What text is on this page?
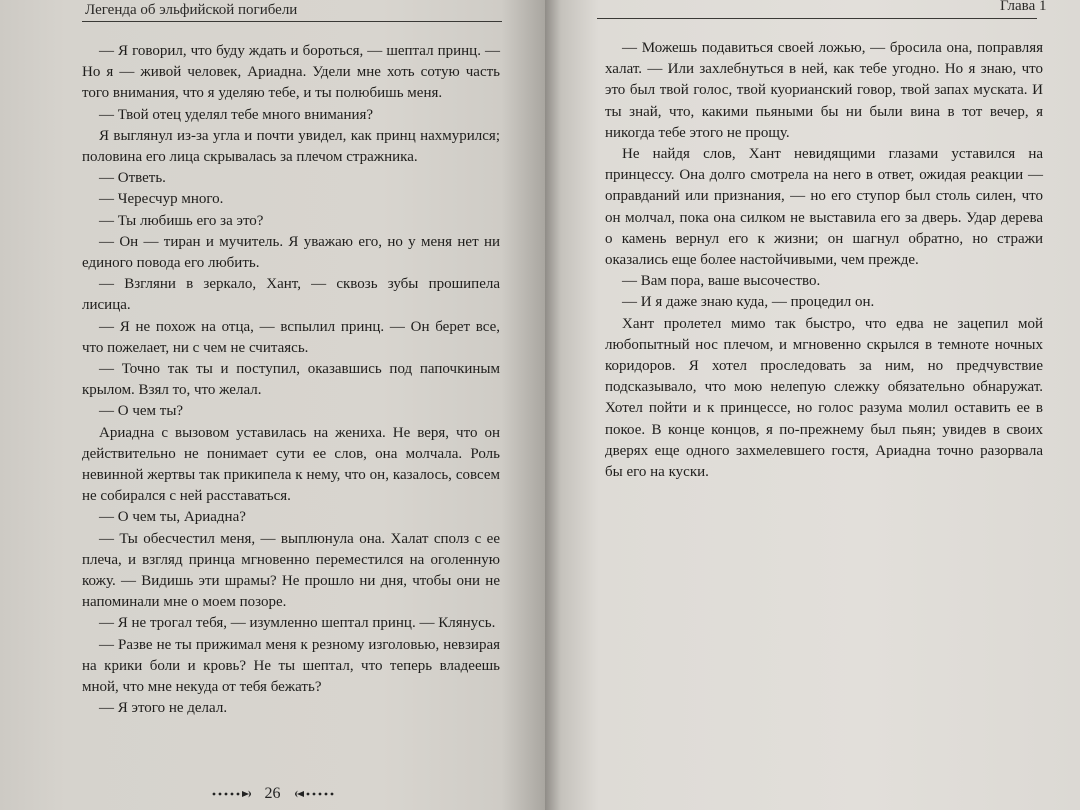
Легенда об эльфийской погибели

— Я говорил, что буду ждать и бороться, — шептал принц. — Но я — живой человек, Ариадна. Удели мне хоть сотую часть того внимания, что я уделяю тебе, и ты полюбишь меня.

— Твой отец уделял тебе много внимания?

Я выглянул из-за угла и почти увидел, как принц нахмурился; половина его лица скрывалась за плечом стражника.

— Ответь.

— Чересчур много.

— Ты любишь его за это?

— Он — тиран и мучитель. Я уважаю его, но у меня нет ни единого повода его любить.

— Взгляни в зеркало, Хант, — сквозь зубы прошипела лисица.

— Я не похож на отца, — вспылил принц. — Он берет все, что пожелает, ни с чем не считаясь.

— Точно так ты и поступил, оказавшись под папочкиным крылом. Взял то, что желал.

— О чем ты?

Ариадна с вызовом уставилась на жениха. Не веря, что он действительно не понимает сути ее слов, она молчала. Роль невинной жертвы так прикипела к нему, что он, казалось, совсем не собирался с ней расставаться.

— О чем ты, Ариадна?

— Ты обесчестил меня, — выплюнула она. Халат сполз с ее плеча, и взгляд принца мгновенно переместился на оголенную кожу. — Видишь эти шрамы? Не прошло ни дня, чтобы они не напоминали мне о моем позоре.

— Я не трогал тебя, — изумленно шептал принц. — Клянусь.

— Разве не ты прижимал меня к резному изголовью, невзирая на крики боли и кровь? Не ты шептал, что теперь владеешь мной, что мне некуда от тебя бежать?

— Я этого не делал.

26
Глава 1

— Можешь подавиться своей ложью, — бросила она, поправляя халат. — Или захлебнуться в ней, как тебе угодно. Но я знаю, что это был твой голос, твой куорианский говор, твой запах муската. И ты знай, что, какими пьяными бы ни были вина в тот вечер, я никогда тебе этого не прощу.

Не найдя слов, Хант невидящими глазами уставился на принцессу. Она долго смотрела на него в ответ, ожидая реакции — оправданий или признания, — но его ступор был столь силен, что он молчал, пока она силком не выставила его за дверь. Удар дерева о камень вернул его к жизни; он шагнул обратно, но стражи оказались еще более настойчивыми, чем прежде.

— Вам пора, ваше высочество.

— И я даже знаю куда, — процедил он.

Хант пролетел мимо так быстро, что едва не зацепил мой любопытный нос плечом, и мгновенно скрылся в темноте ночных коридоров. Я хотел проследовать за ним, но предчувствие подсказывало, что мою нелепую слежку обязательно обнаружат. Хотел пойти и к принцессе, но голос разума молил оставить ее в покое. В конце концов, я по-прежнему был пьян; увидев в своих дверях еще одного захмелевшего гостя, Ариадна точно разорвала бы его на куски.
